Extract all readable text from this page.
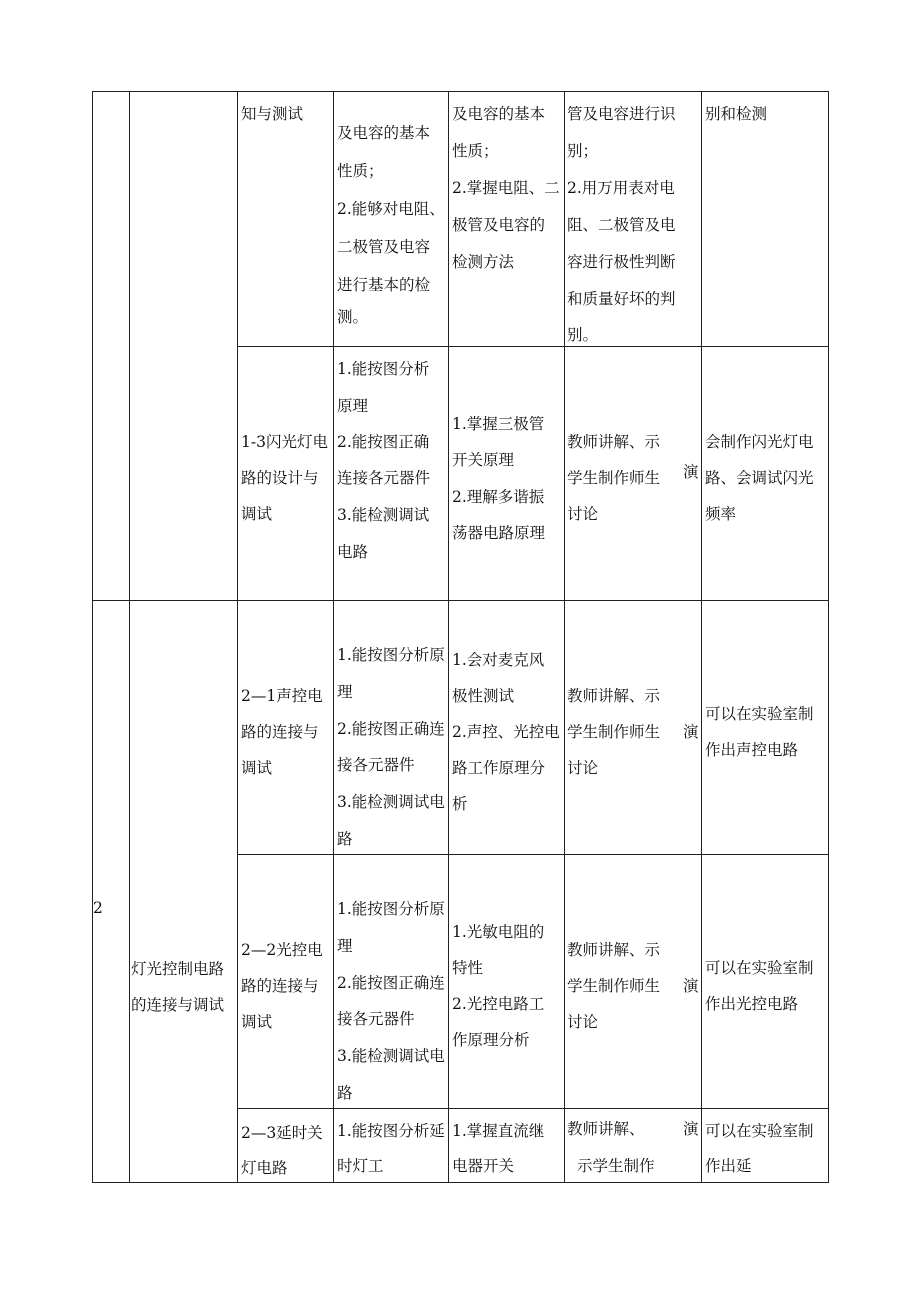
知与测试
及电容的基本
性质；
2.能够对电阻、
二极管及电容
进行基本的检
测。
及电容的基本
性质；
2.掌握电阻、二
极管及电容的
检测方法
管及电容进行识
别；
2.用万用表对电
阻、二极管及电
容进行极性判断
和质量好坏的判
别。
别和检测
1-3闪光灯电
路的设计与
调试
1.能按图分析
原理
2.能按图正确
连接各元器件
3.能检测调试
电路
1.掌握三极管
开关原理
2.理解多谐振
荡器电路原理
教师讲解、示
学生制作师生
讨论
演
会制作闪光灯电
路、会调试闪光
频率
2
灯光控制电路
的连接与调试
2—1声控电
路的连接与
调试
1.能按图分析原
理
2.能按图正确连
接各元器件
3.能检测调试电
路
1.会对麦克风
极性测试
2.声控、光控电
路工作原理分
析
教师讲解、示
学生制作师生
讨论
演
可以在实验室制
作出声控电路
2—2光控电
路的连接与
调试
1.能按图分析原
理
2.能按图正确连
接各元器件
3.能检测调试电
路
1.光敏电阻的
特性
2.光控电路工
作原理分析
教师讲解、示
学生制作师生
讨论
演
可以在实验室制
作出光控电路
2—3延时关
灯电路
1.能按图分析延
时灯工
1.掌握直流继
电器开关
教师讲解、
示学生制作
演 可以在实验室制
作出延
